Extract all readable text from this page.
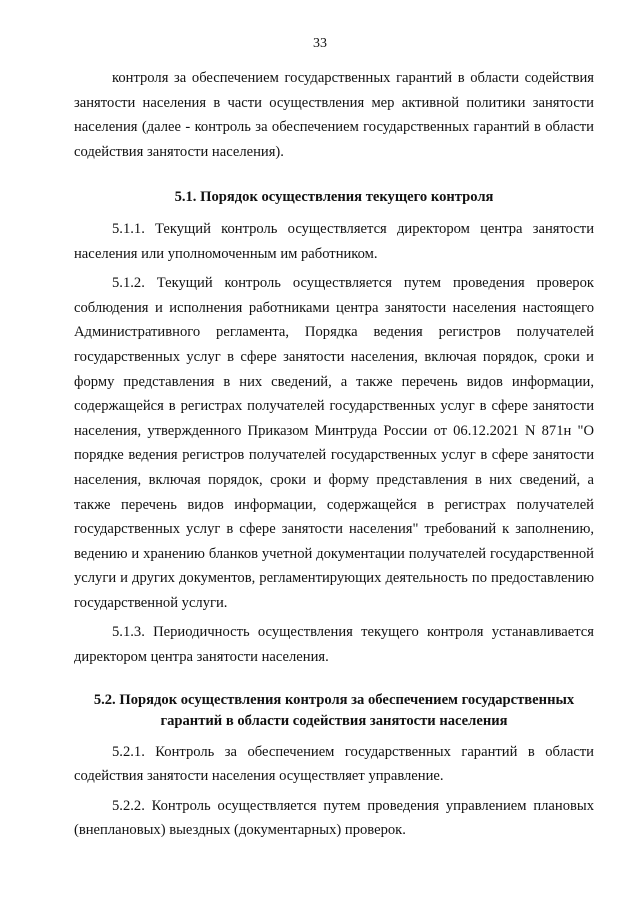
33

контроля за обеспечением государственных гарантий в области содействия занятости населения в части осуществления мер активной политики занятости населения (далее - контроль за обеспечением государственных гарантий в области содействия занятости населения).

5.1. Порядок осуществления текущего контроля

5.1.1. Текущий контроль осуществляется директором центра занятости населения или уполномоченным им работником.

5.1.2. Текущий контроль осуществляется путем проведения проверок соблюдения и исполнения работниками центра занятости населения настоящего Административного регламента, Порядка ведения регистров получателей государственных услуг в сфере занятости населения, включая порядок, сроки и форму представления в них сведений, а также перечень видов информации, содержащейся в регистрах получателей государственных услуг в сфере занятости населения, утвержденного Приказом Минтруда России от 06.12.2021 N 871н "О порядке ведения регистров получателей государственных услуг в сфере занятости населения, включая порядок, сроки и форму представления в них сведений, а также перечень видов информации, содержащейся в регистрах получателей государственных услуг в сфере занятости населения" требований к заполнению, ведению и хранению бланков учетной документации получателей государственной услуги и других документов, регламентирующих деятельность по предоставлению государственной услуги.

5.1.3. Периодичность осуществления текущего контроля устанавливается директором центра занятости населения.

5.2. Порядок осуществления контроля за обеспечением государственных гарантий в области содействия занятости населения

5.2.1. Контроль за обеспечением государственных гарантий в области содействия занятости населения осуществляет управление.

5.2.2. Контроль осуществляется путем проведения управлением плановых (внеплановых) выездных (документарных) проверок.
